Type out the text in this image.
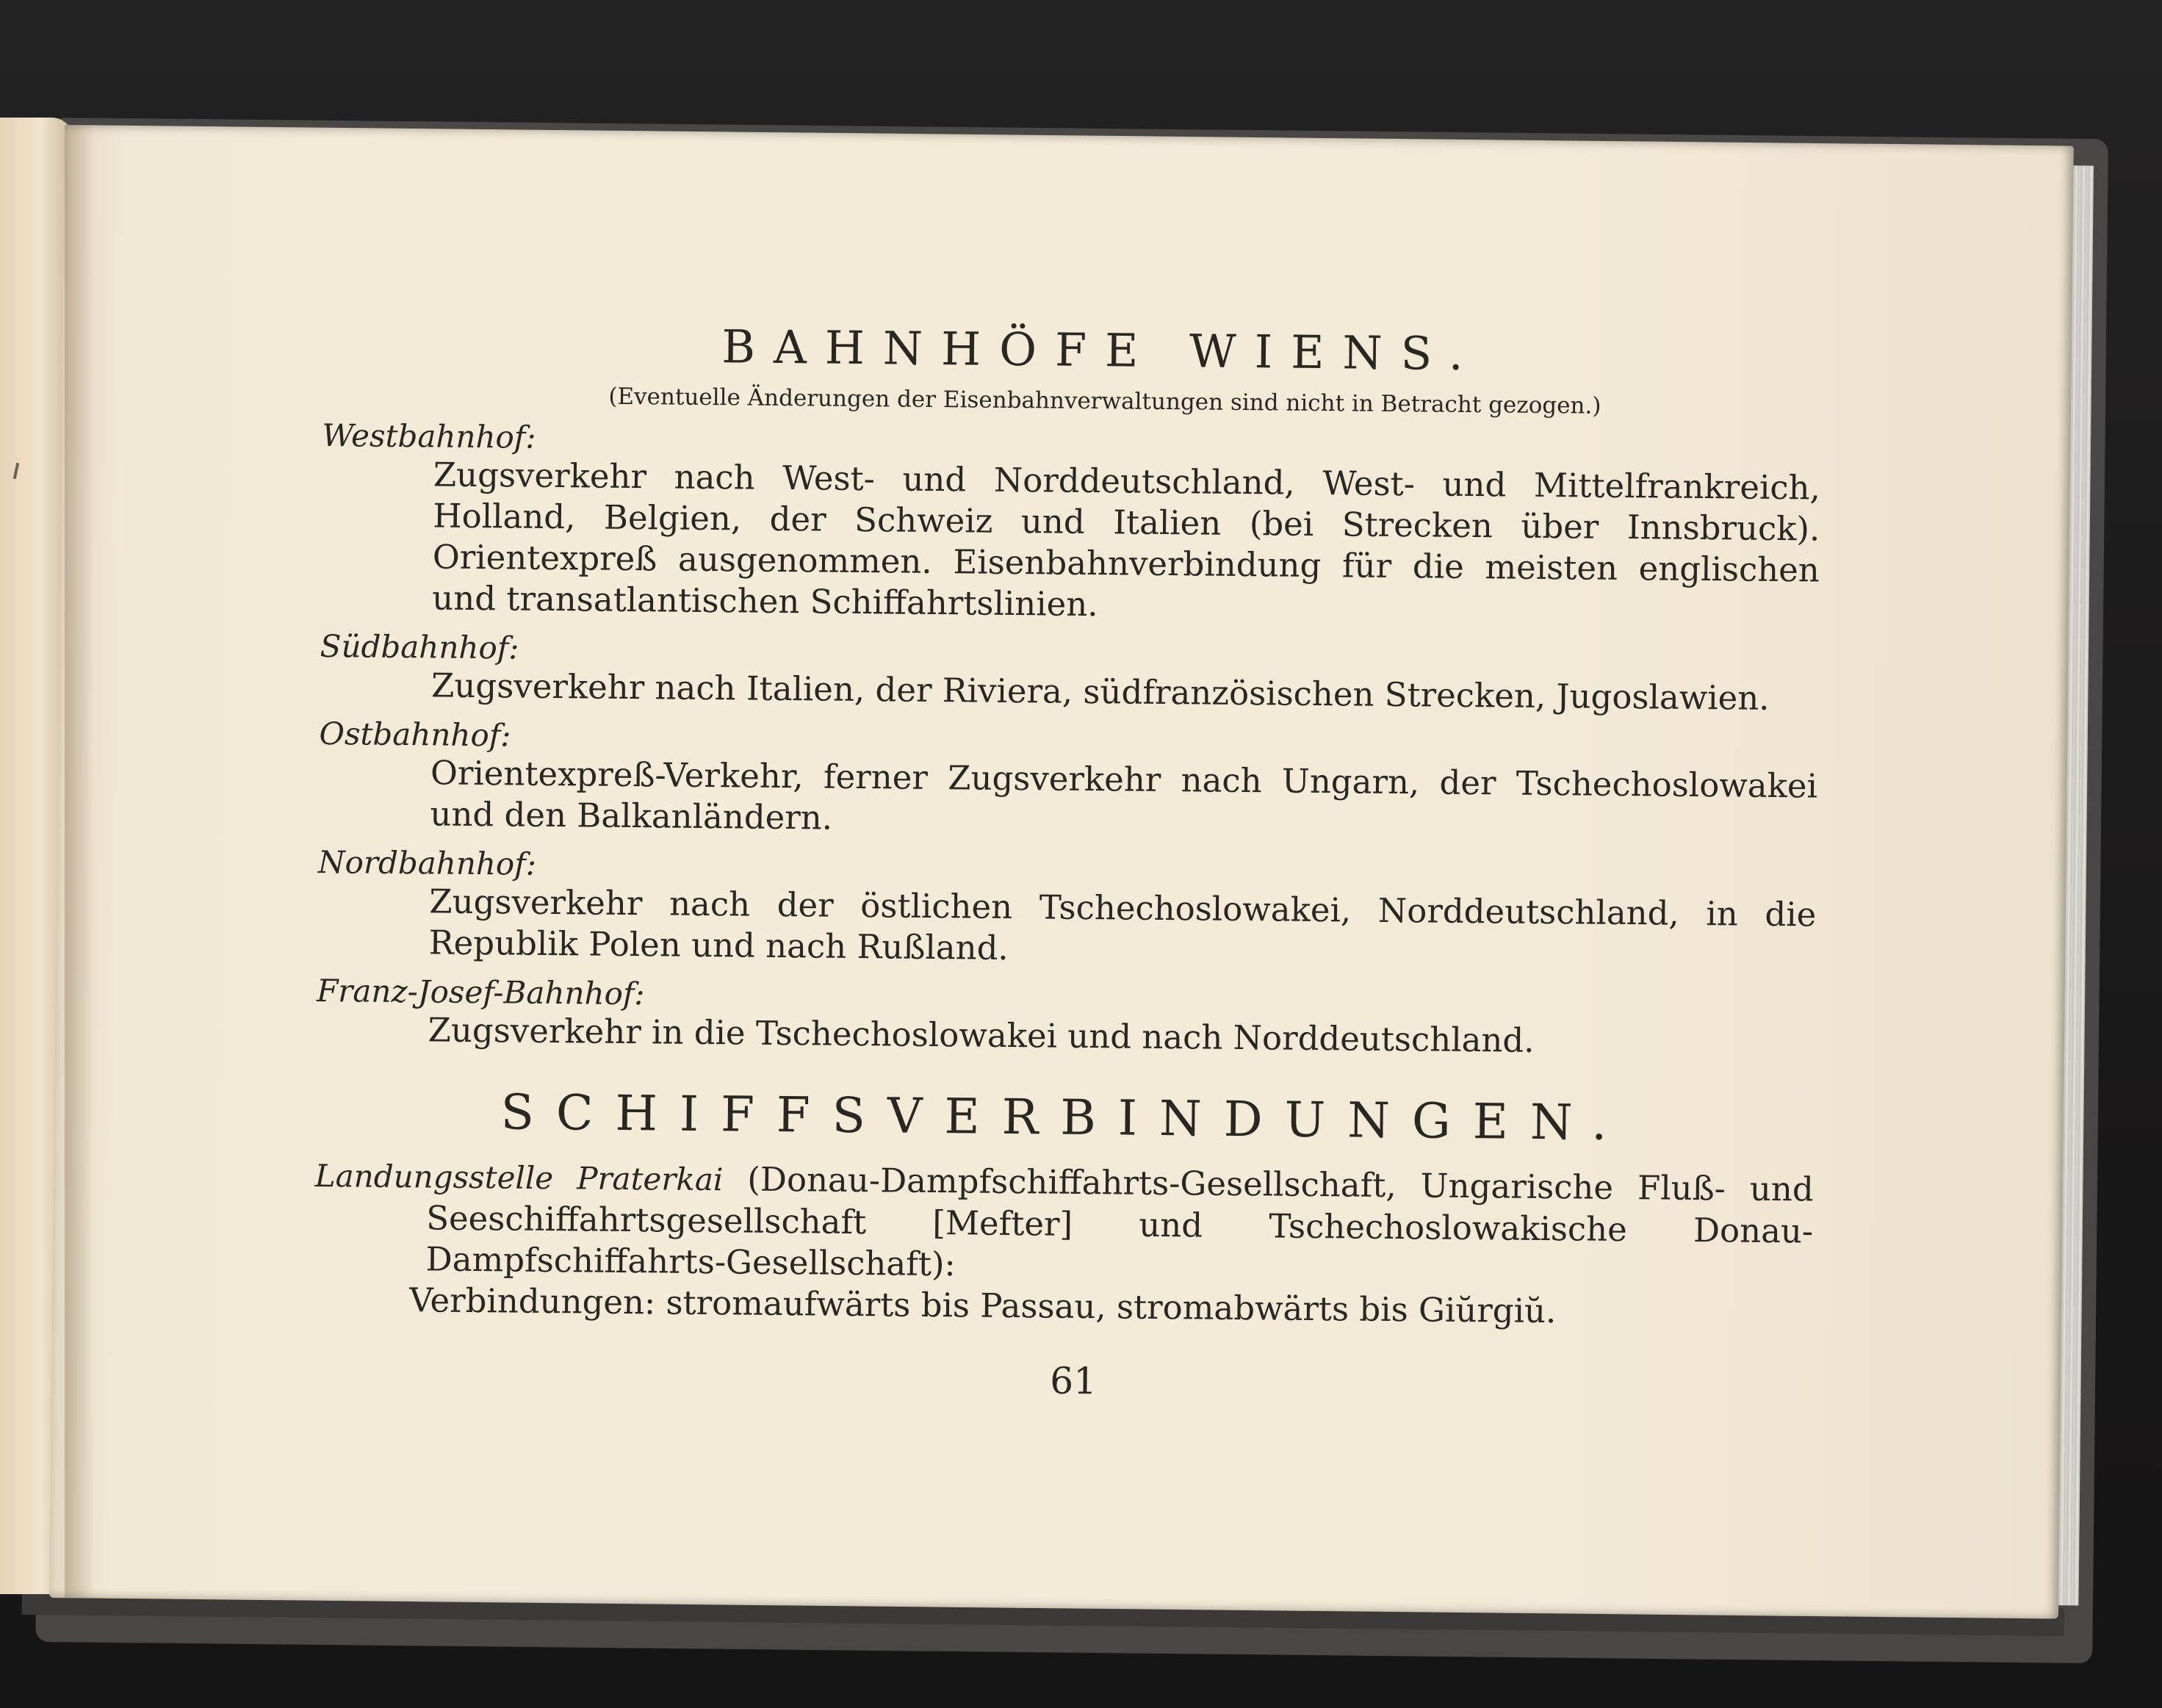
BAHNHÖFE WIENS.
(Eventuelle Änderungen der Eisenbahnverwaltungen sind nicht in Betracht gezogen.)
Westbahnhof:
Zugsverkehr nach West- und Norddeutschland, West- und Mittelfrankreich, Holland, Belgien, der Schweiz und Italien (bei Strecken über Innsbruck). Orientexpreß ausgenommen. Eisenbahnverbindung für die meisten englischen und transatlantischen Schiffahrtslinien.
Südbahnhof:
Zugsverkehr nach Italien, der Riviera, südfranzösischen Strecken, Jugoslawien.
Ostbahnhof:
Orientexpreß-Verkehr, ferner Zugsverkehr nach Ungarn, der Tschechoslowakei und den Balkanländern.
Nordbahnhof:
Zugsverkehr nach der östlichen Tschechoslowakei, Norddeutschland, in die Republik Polen und nach Rußland.
Franz-Josef-Bahnhof:
Zugsverkehr in die Tschechoslowakei und nach Norddeutschland.
SCHIFFSVERBINDUNGEN.
Landungsstelle Praterkai (Donau-Dampfschiffahrts-Gesellschaft, Ungarische Fluß- und Seeschiffahrtsgesellschaft [Mefter] und Tschechoslowakische Donau-Dampfschiffahrts-Gesellschaft):
Verbindungen: stromaufwärts bis Passau, stromabwärts bis Giŭrgiŭ.
61
